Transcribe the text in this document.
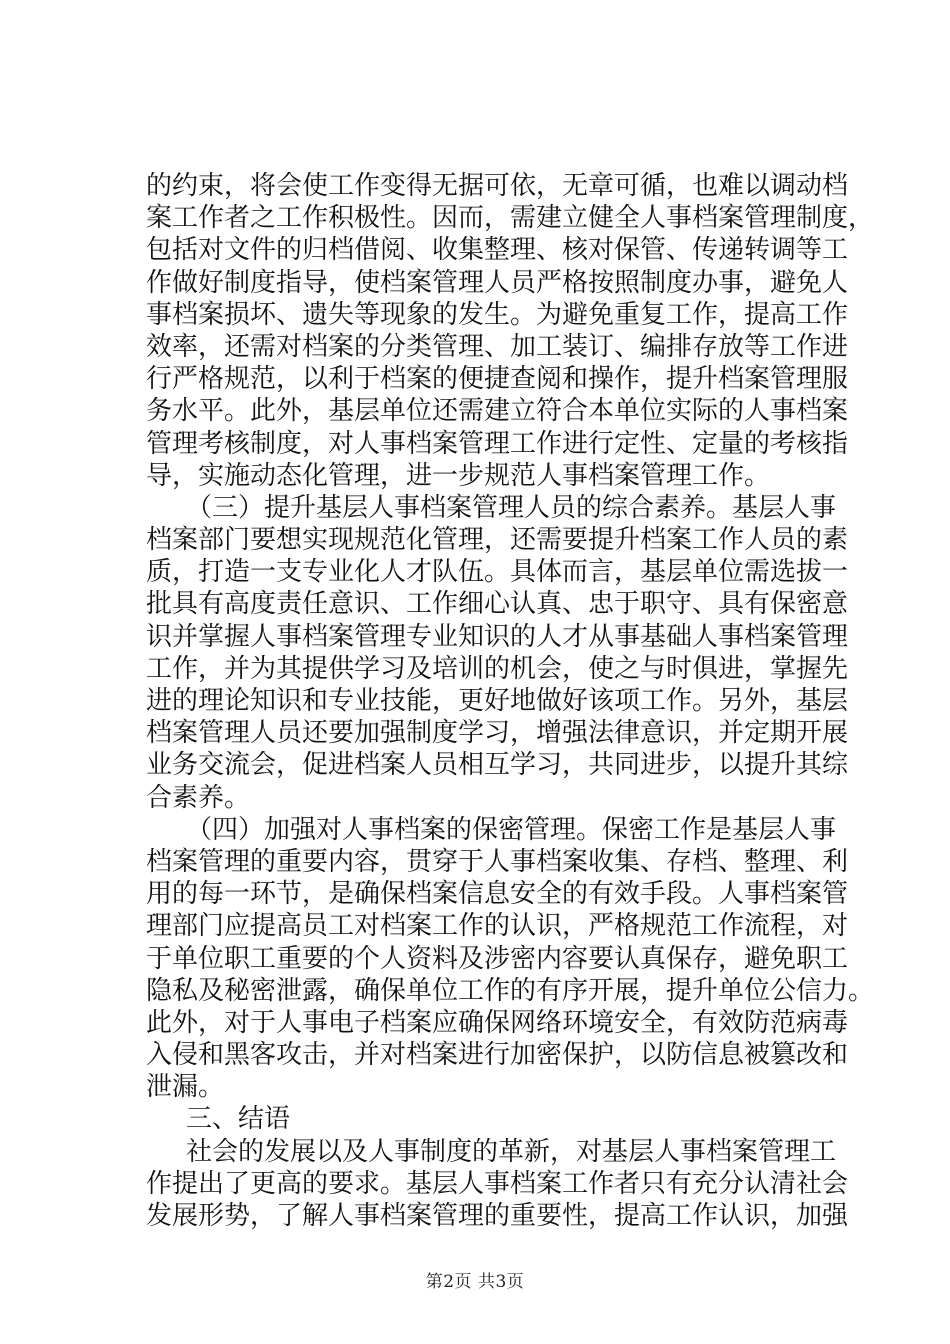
的约束，将会使工作变得无据可依，无章可循，也难以调动档
案工作者之工作积极性。因而，需建立健全人事档案管理制度，
包括对文件的归档借阅、收集整理、核对保管、传递转调等工
作做好制度指导，使档案管理人员严格按照制度办事，避免人
事档案损坏、遗失等现象的发生。为避免重复工作，提高工作
效率，还需对档案的分类管理、加工装订、编排存放等工作进
行严格规范，以利于档案的便捷查阅和操作，提升档案管理服
务水平。此外，基层单位还需建立符合本单位实际的人事档案
管理考核制度，对人事档案管理工作进行定性、定量的考核指
导，实施动态化管理，进一步规范人事档案管理工作。
（三）提升基层人事档案管理人员的综合素养。基层人事
档案部门要想实现规范化管理，还需要提升档案工作人员的素
质，打造一支专业化人才队伍。具体而言，基层单位需选拔一
批具有高度责任意识、工作细心认真、忠于职守、具有保密意
识并掌握人事档案管理专业知识的人才从事基础人事档案管理
工作，并为其提供学习及培训的机会，使之与时俱进，掌握先
进的理论知识和专业技能，更好地做好该项工作。另外，基层
档案管理人员还要加强制度学习，增强法律意识，并定期开展
业务交流会，促进档案人员相互学习，共同进步，以提升其综
合素养。
（四）加强对人事档案的保密管理。保密工作是基层人事
档案管理的重要内容，贯穿于人事档案收集、存档、整理、利
用的每一环节，是确保档案信息安全的有效手段。人事档案管
理部门应提高员工对档案工作的认识，严格规范工作流程，对
于单位职工重要的个人资料及涉密内容要认真保存，避免职工
隐私及秘密泄露，确保单位工作的有序开展，提升单位公信力。
此外，对于人事电子档案应确保网络环境安全，有效防范病毒
入侵和黑客攻击，并对档案进行加密保护，以防信息被篡改和
泄漏。
三、结语
社会的发展以及人事制度的革新，对基层人事档案管理工
作提出了更高的要求。基层人事档案工作者只有充分认清社会
发展形势，了解人事档案管理的重要性，提高工作认识，加强
第2页 共3页
